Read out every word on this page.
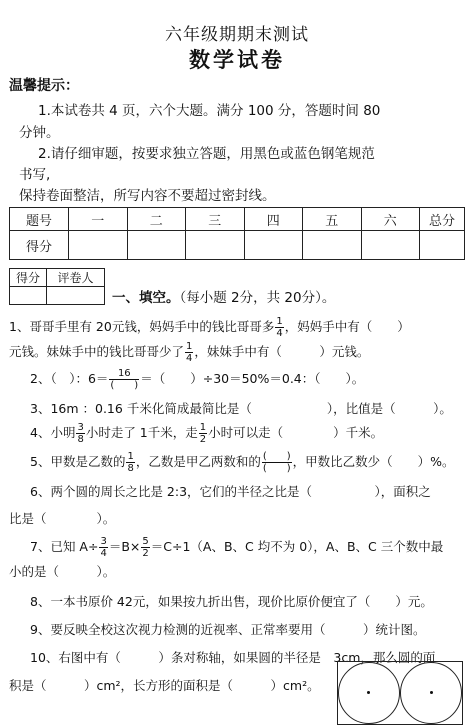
六年级期期末测试
数学试卷
温馨提示：
1.本试卷共 4 页，六个大题。满分 100 分，答题时间 80
分钟。
2.请仔细审题，按要求独立答题，用黑色或蓝色钢笔规范
书写,
保持卷面整洁，所写内容不要超过密封线。
题号	一	二	三	四	五	六	总分
得分							
得分	评卷人

一、填空。（每小题 2分，共 20分）。
1、哥哥手里有 20元钱，妈妈手中的钱比哥哥多 $\frac{1}{4}$ ，妈妈手中有（　　）
元钱。妹妹手中的钱比哥哥少了 $\frac{1}{4}$ ，妹妹手中有（　　　）元钱。
2、（　）：$6= \frac{16}{( )}$ ＝（　　）÷30＝50%＝0.4：（　　）。
3、16m ：0.16 千米化简成最简比是（　　　　　　），比值是（　　　）。
4、小明 $\frac{3}{8}$ 小时走了 1千米，走 $\frac{1}{2}$ 小时可以走（　　　　）千米。
5、甲数是乙数的 $\frac{1}{8}$ ，乙数是甲乙两数和的 $\frac{( )}{( )}$ ，甲数比乙数少（　　）%。
6、两个圆的周长之比是 2:3，它们的半径之比是（　　　　　），面积之
比是（　　　　）。
7、已知 $A\div \frac{3}{4} =B\times \frac{5}{2} =C\div 1(A$、B、C 均不为 0），A、B、C 三个数中最
小的是（　　　）。
8、一本书原价 42元，如果按九折出售，现价比原价便宜了（　　）元。
9、要反映全校这次视力检测的近视率、正常率要用（　　　）统计图。
10、右图中有（　　　）条对称轴，如果圆的半径是　3cm，那么圆的面
积是（　　　）cm²，长方形的面积是（　　　）cm²。
